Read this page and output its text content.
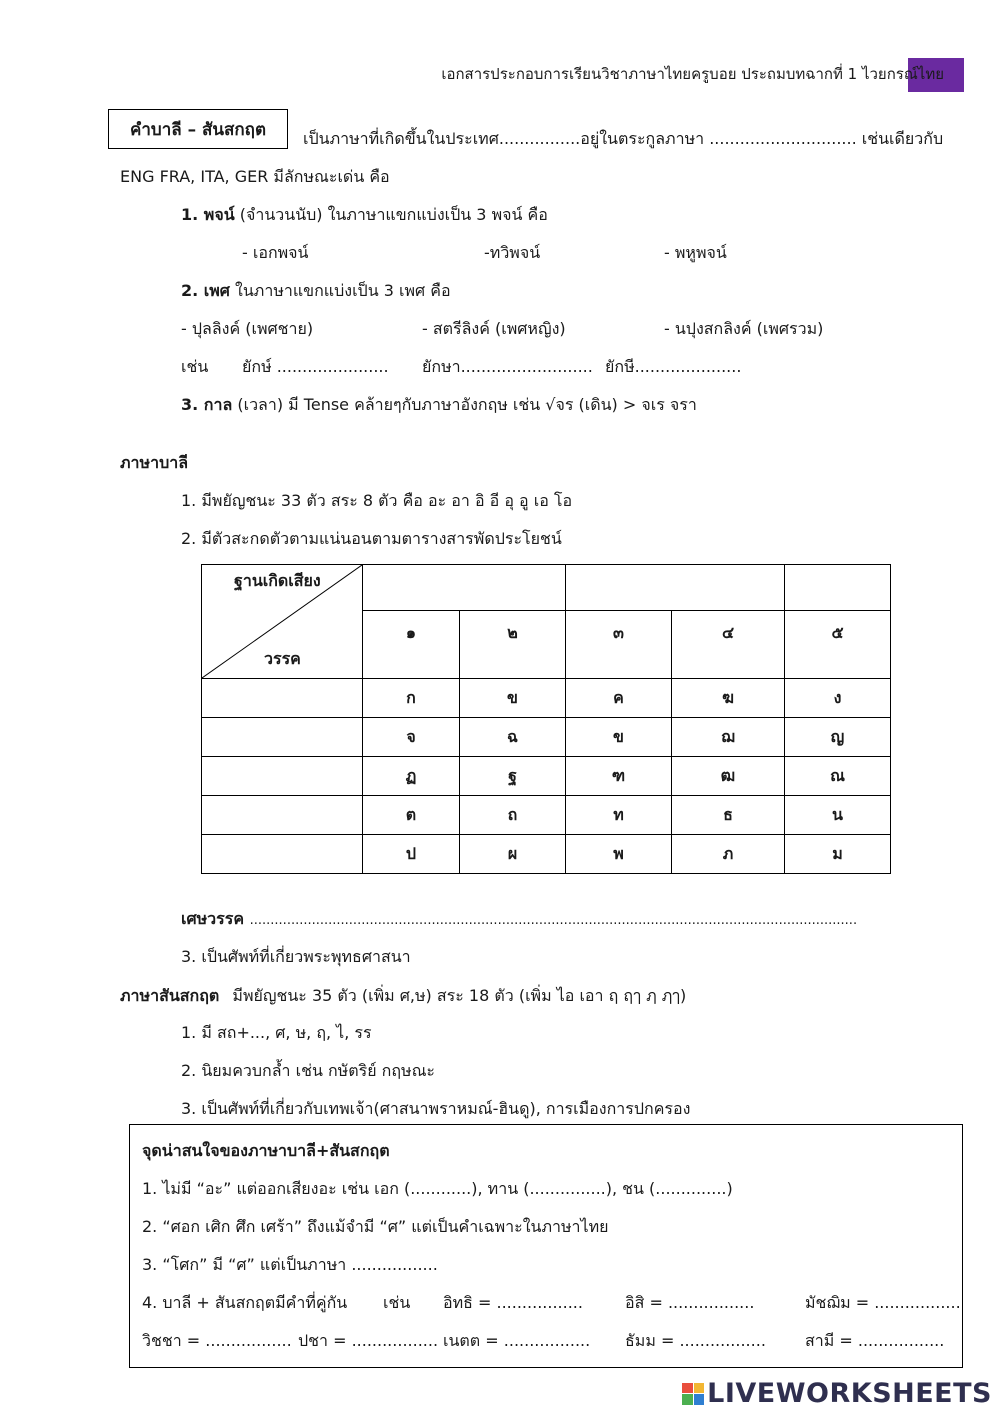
เอกสารประกอบการเรียนวิชาภาษาไทยครูบอย ประถมบทฉากที่ 1 ไวยกรณ์ไทย
คำบาลี – สันสกฤต	เป็นภาษาที่เกิดขึ้นในประเทศ................อยู่ในตระกูลภาษา ............................. เช่นเดียวกับ
ENG FRA, ITA, GER มีลักษณะเด่น คือ
1. พจน์ (จำนวนนับ) ในภาษาแขกแบ่งเป็น 3 พจน์ คือ
- เอกพจน์	-ทวิพจน์	- พหูพจน์
2. เพศ ในภาษาแขกแบ่งเป็น 3 เพศ คือ
- ปุลลิงค์ (เพศชาย)	- สตรีลิงค์ (เพศหญิง)	- นปุงสกลิงค์ (เพศรวม)
เช่น ยักษ์ ...................... ยักษา.......................... ยักษี.....................
3. กาล (เวลา) มี Tense คล้ายๆกับภาษาอังกฤษ เช่น √จร (เดิน) > จเร จรา
ภาษาบาลี
1. มีพยัญชนะ 33 ตัว สระ 8 ตัว คือ อะ อา อิ อี อุ อู เอ โอ
2. มีตัวสะกดตัวตามแน่นอนตามตารางสารพัดประโยชน์
ฐานเกิดเสียง
วรรค					

	๑	๒	๓	๔	๕
	ก	ข	ค	ฆ	ง
	จ	ฉ	ข	ฌ	ญ
	ฏ	ฐ	ฑ	ฒ	ณ
	ต	ถ	ท	ธ	น
	ป	ผ	พ	ภ	ม
เศษวรรค ...................................................................................................................................................
3. เป็นศัพท์ที่เกี่ยวพระพุทธศาสนา
ภาษาสันสกฤต มีพยัญชนะ 35 ตัว (เพิ่ม ศ,ษ) สระ 18 ตัว (เพิ่ม ไอ เอา ฤ ฤๅ ฦ ฦๅ)
1. มี สถ+..., ศ, ษ, ฤ, ไ, รร
2. นิยมควบกล้ำ เช่น กษัตริย์ กฤษณะ
3. เป็นศัพท์ที่เกี่ยวกับเทพเจ้า(ศาสนาพราหมณ์-ฮินดู), การเมืองการปกครอง
จุดน่าสนใจของภาษาบาลี+สันสกฤต
1. ไม่มี “อะ” แต่ออกเสียงอะ เช่น เอก (............), ทาน (...............), ชน (..............)
2. “ศอก เศิก ศึก เศร้า” ถึงแม้จำมี “ศ” แต่เป็นคำเฉพาะในภาษาไทย
3. “โศก” มี “ศ” แต่เป็นภาษา .................
4. บาลี + สันสกฤตมีคำที่คู่กัน เช่น อิทธิ = .................	อิสิ = .................	มัชฌิม = .................
วิชชา = ................. ปชา = ................. เนตต = ................. ธัมม = ................. สามี = .................
LIVEWORKSHEETS
